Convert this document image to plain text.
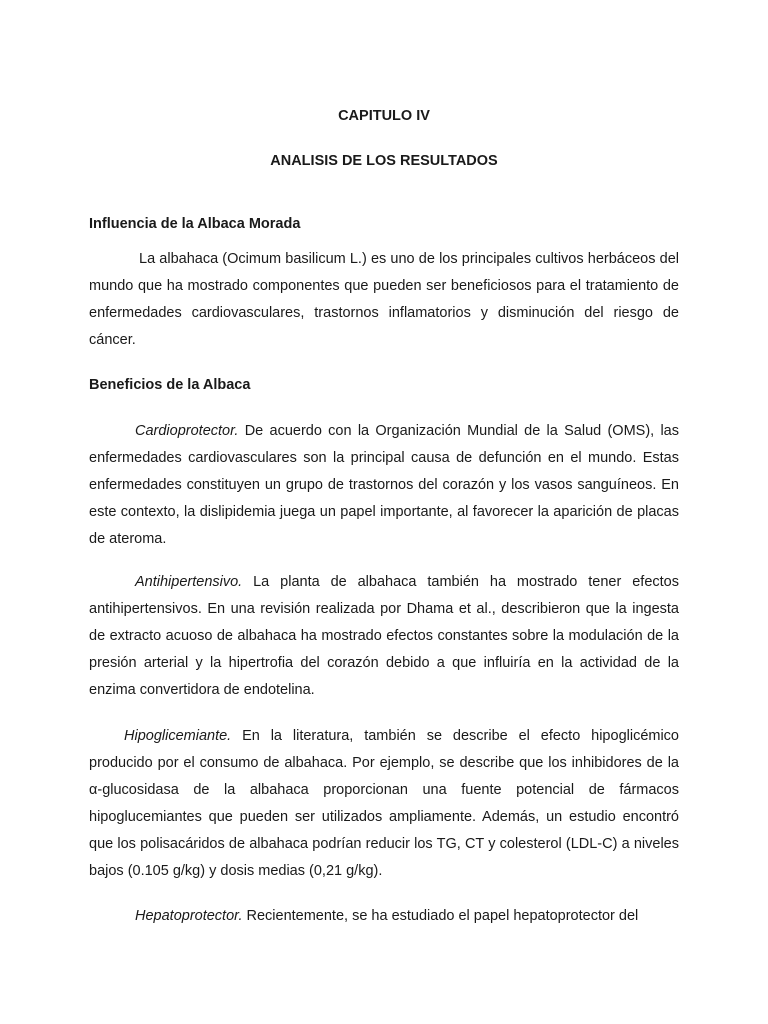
CAPITULO IV
ANALISIS DE LOS RESULTADOS
Influencia de la Albaca Morada

La albahaca (Ocimum basilicum L.) es uno de los principales cultivos herbáceos del mundo que ha mostrado componentes que pueden ser beneficiosos para el tratamiento de enfermedades cardiovasculares, trastornos inflamatorios y disminución del riesgo de cáncer.

Beneficios de la Albaca

Cardioprotector. De acuerdo con la Organización Mundial de la Salud (OMS), las enfermedades cardiovasculares son la principal causa de defunción en el mundo. Estas enfermedades constituyen un grupo de trastornos del corazón y los vasos sanguíneos. En este contexto, la dislipidemia juega un papel importante, al favorecer la aparición de placas de ateroma.

Antihipertensivo. La planta de albahaca también ha mostrado tener efectos antihipertensivos. En una revisión realizada por Dhama et al., describieron que la ingesta de extracto acuoso de albahaca ha mostrado efectos constantes sobre la modulación de la presión arterial y la hipertrofia del corazón debido a que influiría en la actividad de la enzima convertidora de endotelina.

Hipoglicemiante. En la literatura, también se describe el efecto hipoglicémico producido por el consumo de albahaca. Por ejemplo, se describe que los inhibidores de la α-glucosidasa de la albahaca proporcionan una fuente potencial de fármacos hipoglucemiantes que pueden ser utilizados ampliamente. Además, un estudio encontró que los polisacáridos de albahaca podrían reducir los TG, CT y colesterol (LDL-C) a niveles bajos (0.105 g/kg) y dosis medias (0,21 g/kg).

Hepatoprotector. Recientemente, se ha estudiado el papel hepatoprotector del
